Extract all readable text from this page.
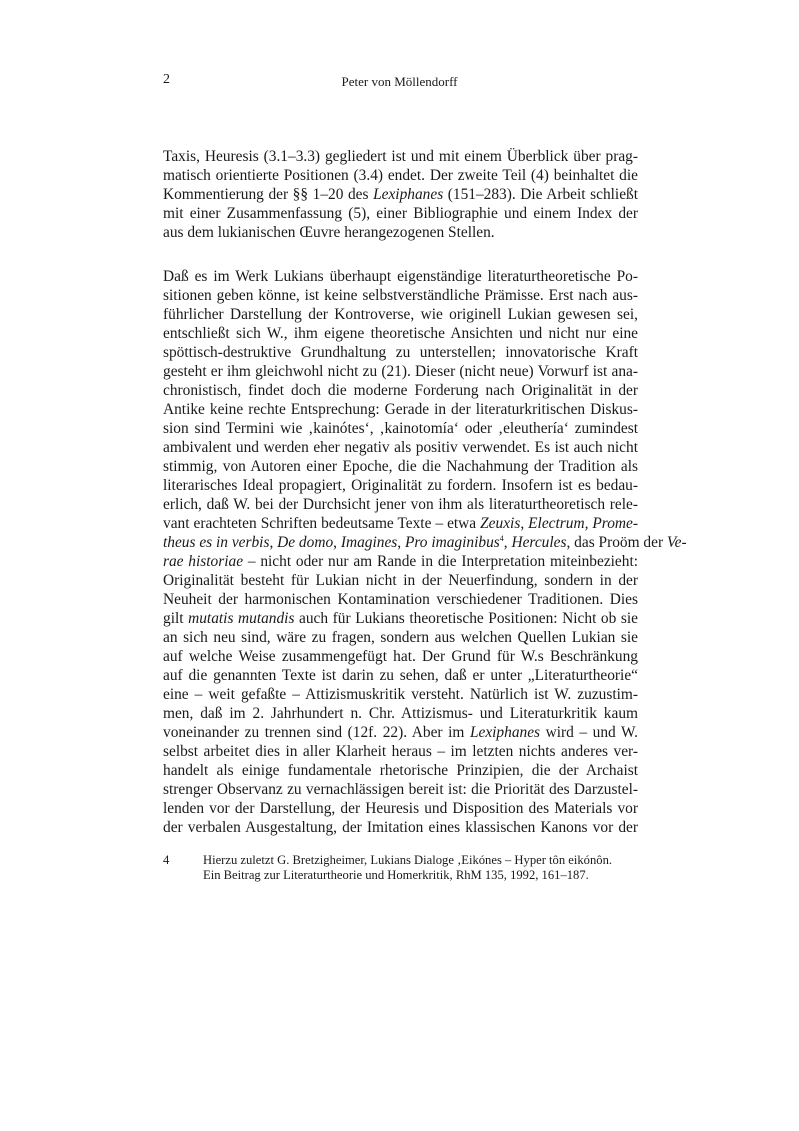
2	Peter von Möllendorff
Taxis, Heuresis (3.1–3.3) gegliedert ist und mit einem Überblick über prag-
matisch orientierte Positionen (3.4) endet. Der zweite Teil (4) beinhaltet die
Kommentierung der §§ 1–20 des Lexiphanes (151–283). Die Arbeit schließt
mit einer Zusammenfassung (5), einer Bibliographie und einem Index der
aus dem lukianischen Œuvre herangezogenen Stellen.
Daß es im Werk Lukians überhaupt eigenständige literaturtheoretische Po-
sitionen geben könne, ist keine selbstverständliche Prämisse. Erst nach aus-
führlicher Darstellung der Kontroverse, wie originell Lukian gewesen sei,
entschließt sich W., ihm eigene theoretische Ansichten und nicht nur eine
spöttisch-destruktive Grundhaltung zu unterstellen; innovatorische Kraft
gesteht er ihm gleichwohl nicht zu (21). Dieser (nicht neue) Vorwurf ist ana-
chronistisch, findet doch die moderne Forderung nach Originalität in der
Antike keine rechte Entsprechung: Gerade in der literaturkritischen Diskus-
sion sind Termini wie ‚kainótes‘, ‚kainotomía‘ oder ‚eleuthería‘ zumindest
ambivalent und werden eher negativ als positiv verwendet. Es ist auch nicht
stimmig, von Autoren einer Epoche, die die Nachahmung der Tradition als
literarisches Ideal propagiert, Originalität zu fordern. Insofern ist es bedau-
erlich, daß W. bei der Durchsicht jener von ihm als literaturtheoretisch rele-
vant erachteten Schriften bedeutsame Texte – etwa Zeuxis, Electrum, Prome-
theus es in verbis, De domo, Imagines, Pro imaginibus$^4$, Hercules, das Proöm der Ve-
rae historiae – nicht oder nur am Rande in die Interpretation miteinbezieht:
Originalität besteht für Lukian nicht in der Neuerfindung, sondern in der
Neuheit der harmonischen Kontamination verschiedener Traditionen. Dies
gilt mutatis mutandis auch für Lukians theoretische Positionen: Nicht ob sie
an sich neu sind, wäre zu fragen, sondern aus welchen Quellen Lukian sie
auf welche Weise zusammengefügt hat. Der Grund für W.s Beschränkung
auf die genannten Texte ist darin zu sehen, daß er unter „Literaturtheorie“
eine – weit gefaßte – Attizismuskritik versteht. Natürlich ist W. zuzustim-
men, daß im 2. Jahrhundert n. Chr. Attizismus- und Literaturkritik kaum
voneinander zu trennen sind (12f. 22). Aber im Lexiphanes wird – und W.
selbst arbeitet dies in aller Klarheit heraus – im letzten nichts anderes ver-
handelt als einige fundamentale rhetorische Prinzipien, die der Archaist
strenger Observanz zu vernachlässigen bereit ist: die Priorität des Darzustel-
lenden vor der Darstellung, der Heuresis und Disposition des Materials vor
der verbalen Ausgestaltung, der Imitation eines klassischen Kanons vor der
4	Hierzu zuletzt G. Bretzigheimer, Lukians Dialoge ‚Eikónes – Hyper tôn eikónôn.
Ein Beitrag zur Literaturtheorie und Homerkritik, RhM 135, 1992, 161–187.
